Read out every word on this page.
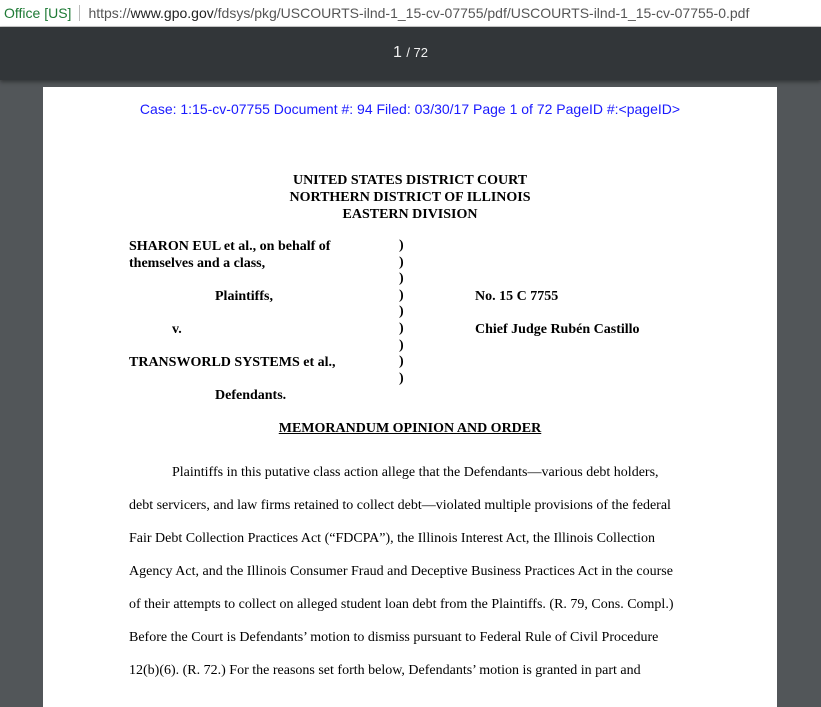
Office [US] https://www.gpo.gov/fdsys/pkg/USCOURTS-ilnd-1_15-cv-07755/pdf/USCOURTS-ilnd-1_15-cv-07755-0.pdf
1 / 72
Case: 1:15-cv-07755 Document #: 94 Filed: 03/30/17 Page 1 of 72 PageID #:<pageID>
UNITED STATES DISTRICT COURT
NORTHERN DISTRICT OF ILLINOIS
EASTERN DIVISION
SHARON EUL et al., on behalf of
themselves and a class,
Plaintiffs,
v.
TRANSWORLD SYSTEMS et al.,
Defendants.
)
)
)
)
)
)
)
)
)
No. 15 C 7755
Chief Judge Rubén Castillo
MEMORANDUM OPINION AND ORDER

Plaintiffs in this putative class action allege that the Defendants—various debt holders,

debt servicers, and law firms retained to collect debt—violated multiple provisions of the federal

Fair Debt Collection Practices Act (“FDCPA”), the Illinois Interest Act, the Illinois Collection

Agency Act, and the Illinois Consumer Fraud and Deceptive Business Practices Act in the course

of their attempts to collect on alleged student loan debt from the Plaintiffs. (R. 79, Cons. Compl.)

Before the Court is Defendants’ motion to dismiss pursuant to Federal Rule of Civil Procedure

12(b)(6). (R. 72.) For the reasons set forth below, Defendants’ motion is granted in part and
